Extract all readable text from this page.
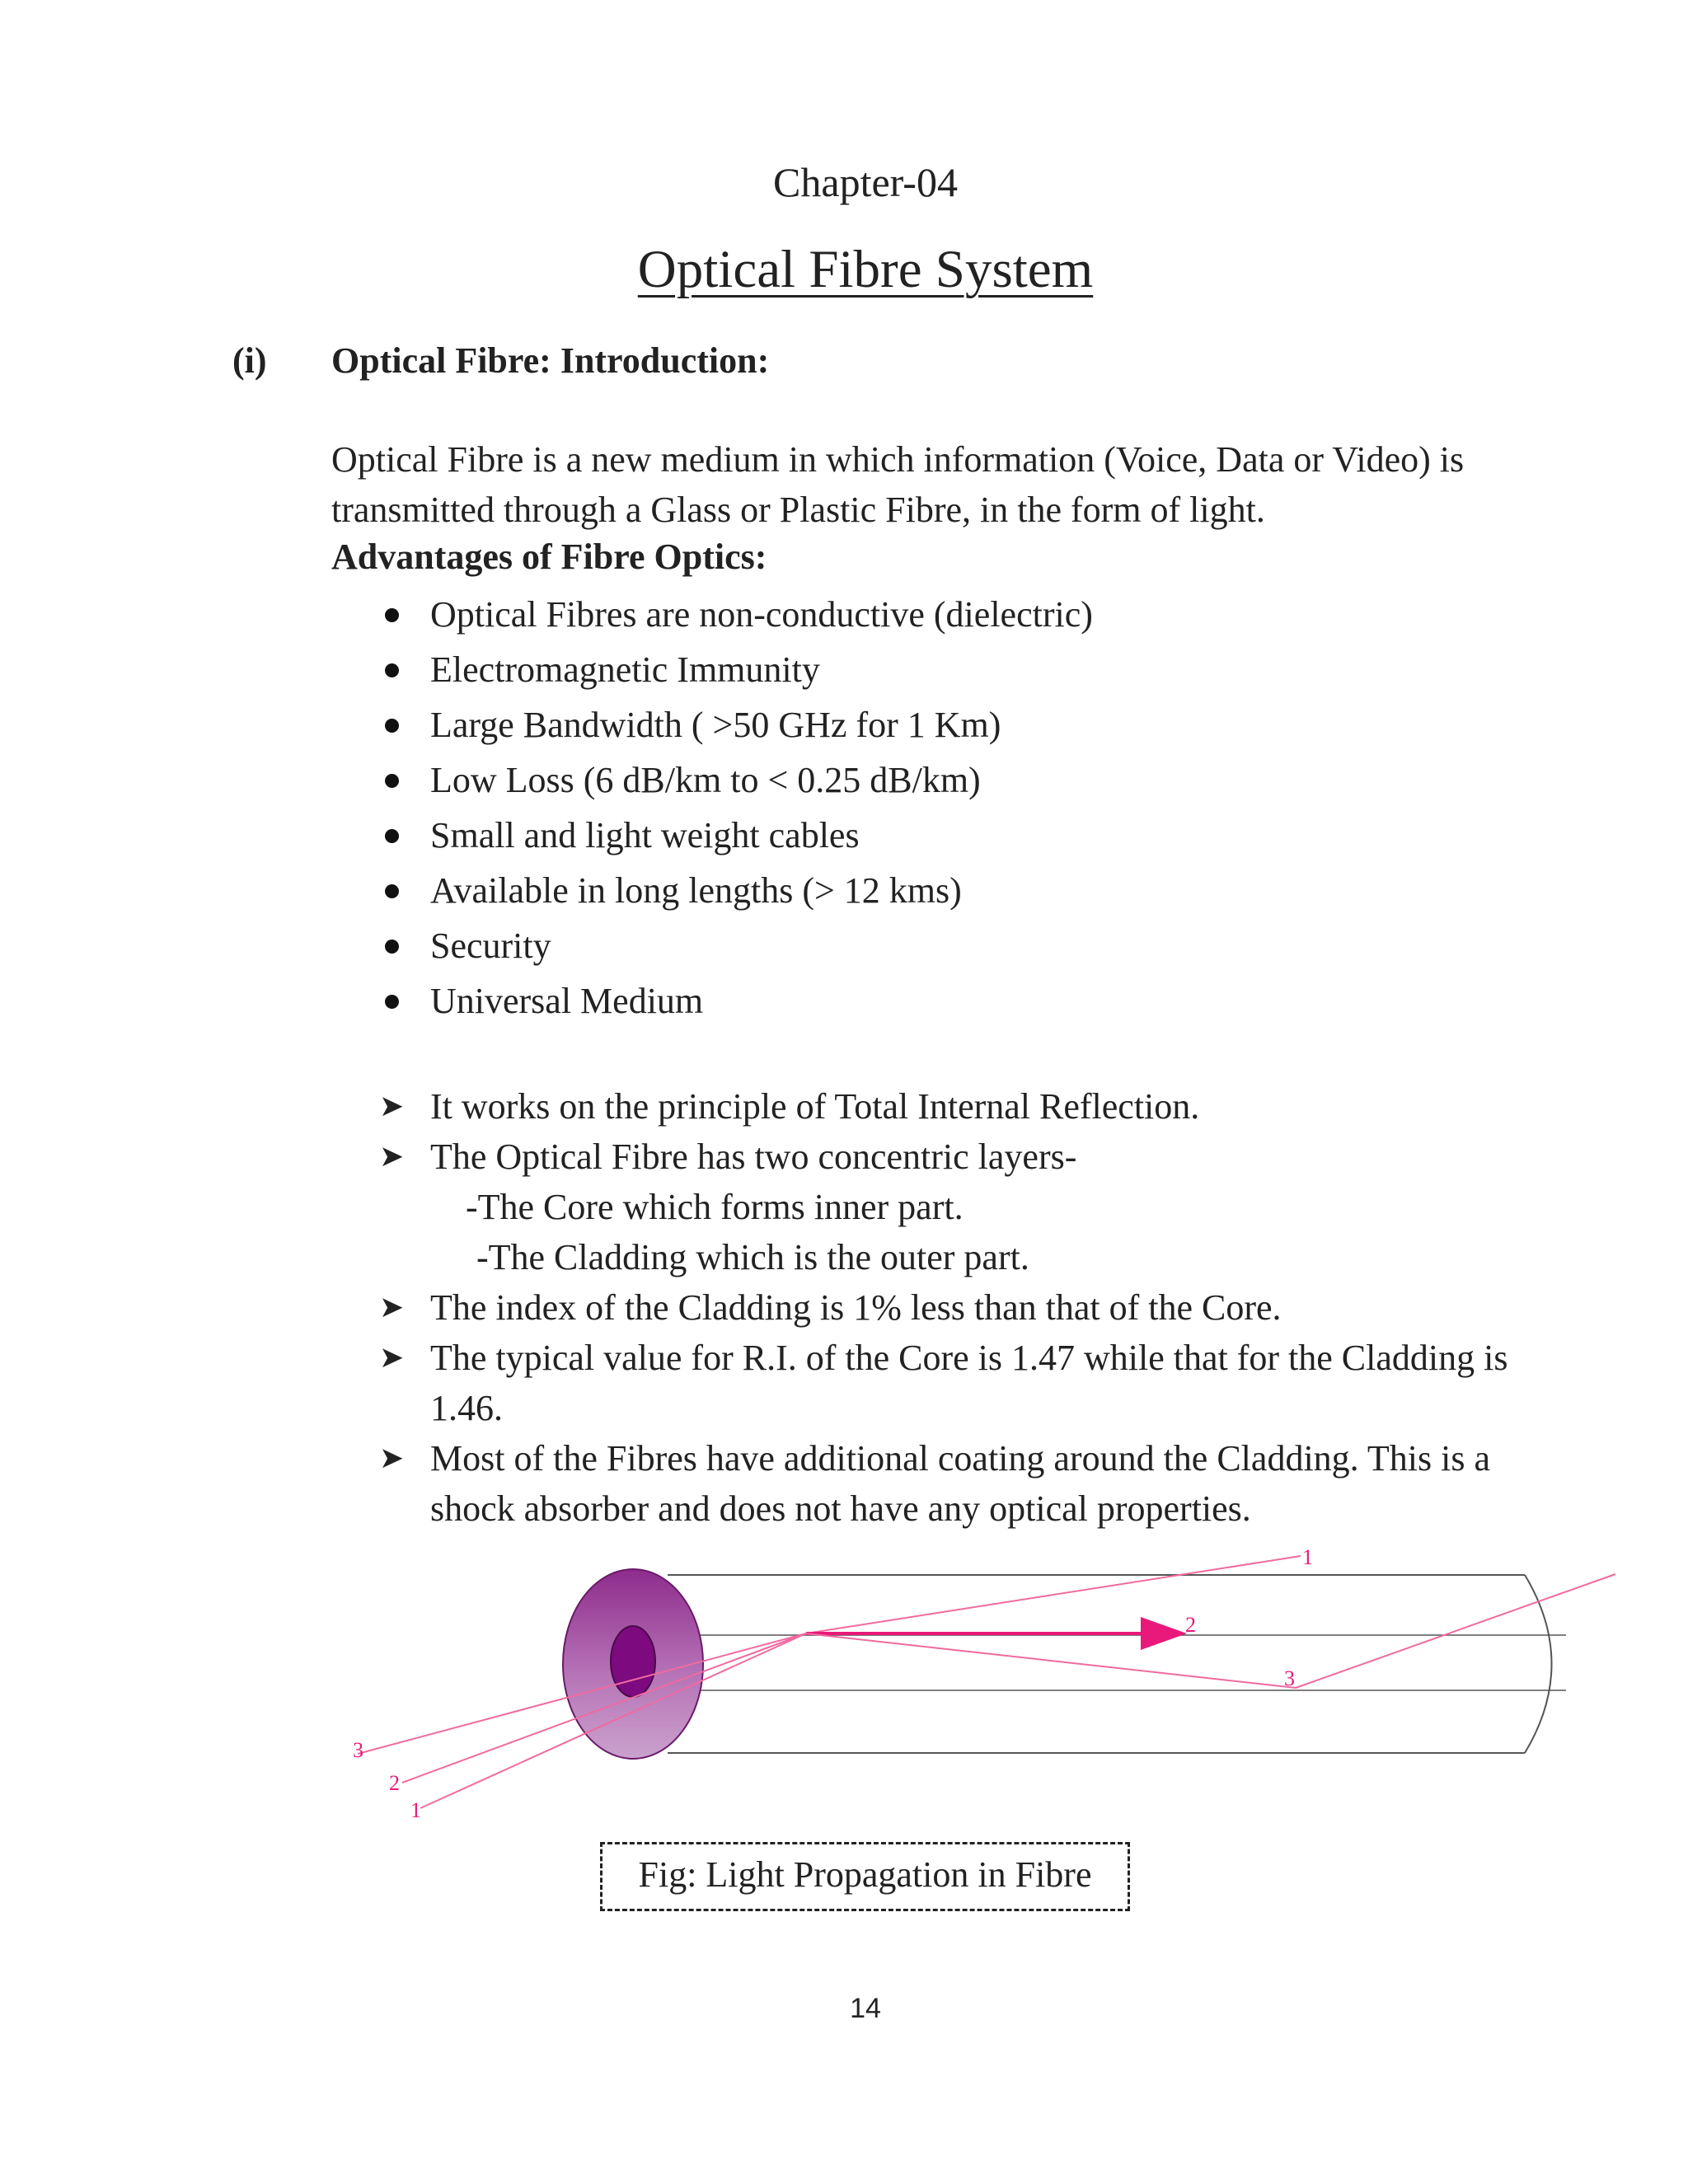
Chapter-04
Optical Fibre System
(i) Optical Fibre: Introduction:
Optical Fibre is a new medium in which information (Voice, Data or Video) is transmitted through a Glass or Plastic Fibre, in the form of light.
Advantages of Fibre Optics:
Optical Fibres are non-conductive (dielectric)
Electromagnetic Immunity
Large Bandwidth ( >50 GHz for 1 Km)
Low Loss (6 dB/km to < 0.25 dB/km)
Small and light weight cables
Available in long lengths (> 12 kms)
Security
Universal Medium
➤ It works on the principle of Total Internal Reflection.
➤ The Optical Fibre has two concentric layers-
-The Core which forms inner part.
-The Cladding which is the outer part.
➤ The index of the Cladding is 1% less than that of the Core.
➤ The typical value for R.I. of the Core is 1.47 while that for the Cladding is 1.46.
➤ Most of the Fibres have additional coating around the Cladding. This is a shock absorber and does not have any optical properties.
3
2
1
1
2
3
Fig: Light Propagation in Fibre
14
